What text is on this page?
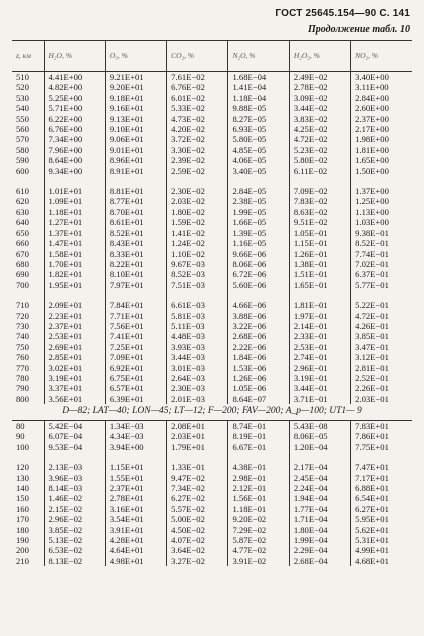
ГОСТ 25645.154—90 С. 141
Продолжение табл. 10
z, км	H₂O, %	O₃, %	CO₂, %	N₂O, %	H₂O₂, %	NO₂, %
510	4.41E+00	9.21E+01	7.61E−02	1.68E−04	2.49E−02	3.40E+00
520	4.82E+00	9.20E+01	6.76E−02	1.41E−04	2.78E−02	3.11E+00
530	5.25E+00	9.18E+01	6.01E−02	1.18E−04	3.09E−02	2.84E+00
540	5.71E+00	9.16E+01	5.33E−02	9.88E−05	3.44E−02	2.60E+00
550	6.22E+00	9.13E+01	4.73E−02	8.27E−05	3.83E−02	2.37E+00
560	6.76E+00	9.10E+01	4.20E−02	6.93E−05	4.25E−02	2.17E+00
570	7.34E+00	9.06E+01	3.72E−02	5.80E−05	4.72E−02	1.98E+00
580	7.96E+00	9.01E+01	3.30E−02	4.85E−05	5.23E−02	1.81E+00
590	8.64E+00	8.96E+01	2.39E−02	4.06E−05	5.80E−02	1.65E+00
600	9.34E+00	8.91E+01	2.59E−02	3.40E−05	6.11E−02	1.50E+00

610	1.01E+01	8.81E+01	2.30E−02	2.84E−05	7.09E−02	1.37E+00
620	1.09E+01	8.77E+01	2.03E−02	2.38E−05	7.83E−02	1.25E+00
630	1.18E+01	8.70E+01	1.80E−02	1.99E−05	8.63E−02	1.13E+00
640	1.27E+01	8.61E+01	1.59E−02	1.66E−05	9.51E−02	1.03E+00
650	1.37E+01	8.52E+01	1.41E−02	1.39E−05	1.05E−01	9.38E−01
660	1.47E+01	8.43E+01	1.24E−02	1.16E−05	1.15E−01	8.52E−01
670	1.58E+01	8.33E+01	1.10E−02	9.66E−06	1.26E−01	7.74E−01
680	1.70E+01	8.22E+01	9.67E−03	8.06E−06	1.38E−01	7.02E−01
690	1.82E+01	8.10E+01	8.52E−03	6.72E−06	1.51E−01	6.37E−01
700	1.95E+01	7.97E+01	7.51E−03	5.60E−06	1.65E−01	5.77E−01

710	2.09E+01	7.84E+01	6.61E−03	4.66E−06	1.81E−01	5.22E−01
720	2.23E+01	7.71E+01	5.81E−03	3.88E−06	1.97E−01	4.72E−01
730	2.37E+01	7.56E+01	5.11E−03	3.22E−06	2.14E−01	4.26E−01
740	2.53E+01	7.41E+01	4.48E−03	2.68E−06	2.33E−01	3.85E−01
750	2.69E+01	7.25E+01	3.93E−03	2.22E−06	2.53E−01	3.47E−01
760	2.85E+01	7.09E+01	3.44E−03	1.84E−06	2.74E−01	3.12E−01
770	3.02E+01	6.92E+01	3.01E−03	1.53E−06	2.96E−01	2.81E−01
780	3.19E+01	6.75E+01	2.64E−03	1.26E−06	3.19E−01	2.52E−01
790	3.37E+01	6.57E+01	2.30E−03	1.05E−06	3.44E−01	2.26E−01
800	3.56E+01	6.39E+01	2.01E−03	8.64E−07	3.71E−01	2.03E−01
D—82; LAT—40; LON—45; LT—12; F—200; FAV—200; A_p—100; UT1— 9
80	5.42E−04	1.34E−03	2.08E+01	8.74E−01	5.43E−08	7.83E+01
90	6.07E−04	4.34E−03	2.03E+01	8.19E−01	8.06E−05	7.86E+01
100	9.53E−04	3.94E+00	1.79E+01	6.67E−01	1.20E−04	7.75E+01

120	2.13E−03	1.15E+01	1.33E−01	4.38E−01	2.17E−04	7.47E+01
130	3.96E−03	1.55E+01	9.47E−02	2.98E−01	2.45E−04	7.17E+01
140	8.14E−03	2.37E+01	7.34E−02	2.12E−01	2.24E−04	6.88E+01
150	1.46E−02	2.78E+01	6.27E−02	1.56E−01	1.94E−04	6.54E+01
160	2.15E−02	3.16E+01	5.57E−02	1.18E−01	1.77E−04	6.27E+01
170	2.96E−02	3.54E+01	5.00E−02	9.20E−02	1.71E−04	5.95E+01
180	3.85E−02	3.91E+01	4.50E−02	7.29E−02	1.80E−04	5.62E+01
190	5.13E−02	4.28E+01	4.07E−02	5.87E−02	1.99E−04	5.31E+01
200	6.53E−02	4.64E+01	3.64E−02	4.77E−02	2.29E−04	4.99E+01
210	8.13E−02	4.98E+01	3.27E−02	3.91E−02	2.68E−04	4.68E+01
